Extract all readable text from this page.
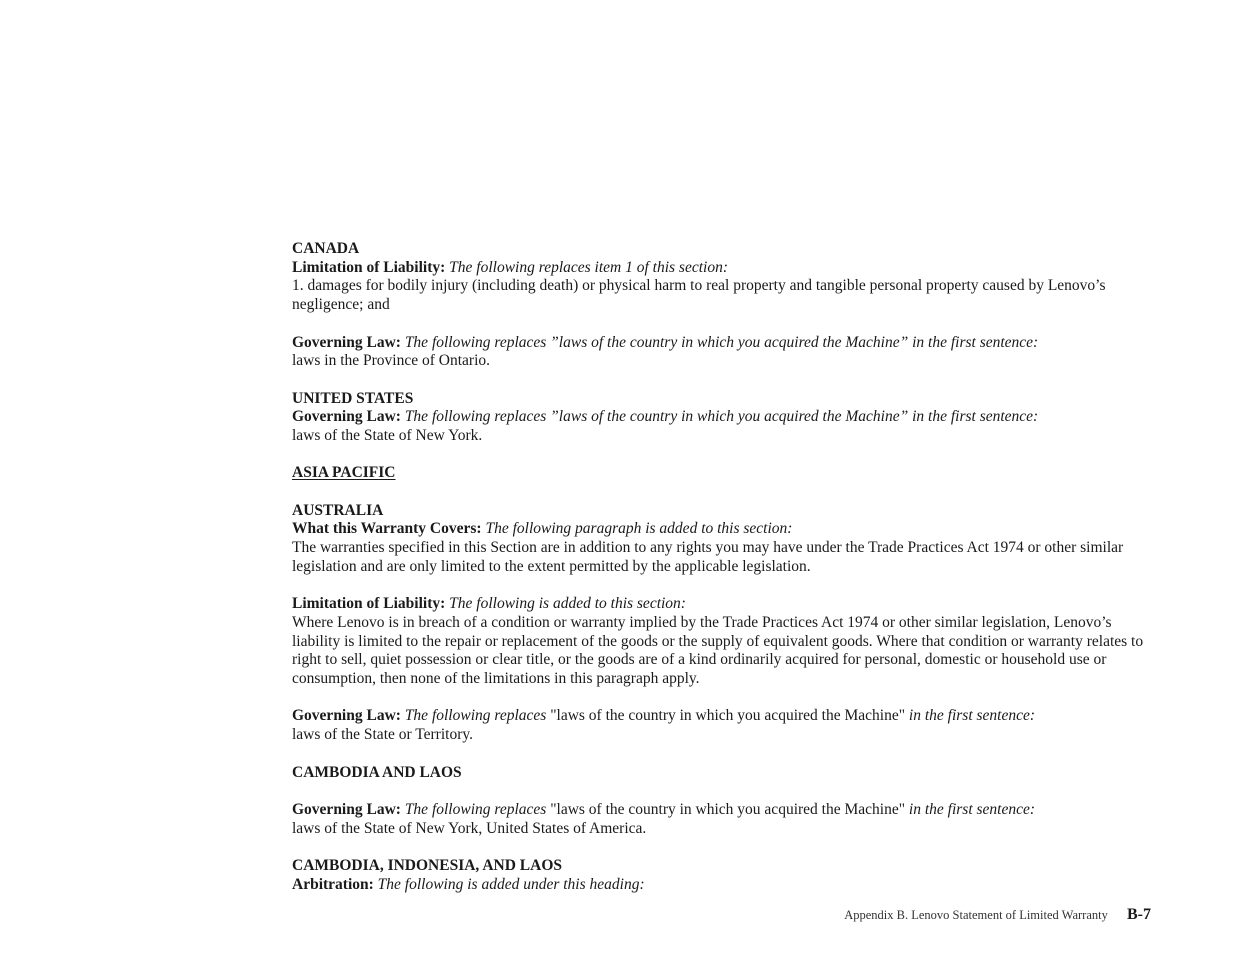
CANADA
Limitation of Liability: The following replaces item 1 of this section:
1. damages for bodily injury (including death) or physical harm to real property and tangible personal property caused by Lenovo’s negligence; and
Governing Law: The following replaces ”laws of the country in which you acquired the Machine” in the first sentence:
laws in the Province of Ontario.
UNITED STATES
Governing Law: The following replaces ”laws of the country in which you acquired the Machine” in the first sentence:
laws of the State of New York.
ASIA PACIFIC
AUSTRALIA
What this Warranty Covers: The following paragraph is added to this section:
The warranties specified in this Section are in addition to any rights you may have under the Trade Practices Act 1974 or other similar legislation and are only limited to the extent permitted by the applicable legislation.
Limitation of Liability: The following is added to this section:
Where Lenovo is in breach of a condition or warranty implied by the Trade Practices Act 1974 or other similar legislation, Lenovo’s liability is limited to the repair or replacement of the goods or the supply of equivalent goods. Where that condition or warranty relates to right to sell, quiet possession or clear title, or the goods are of a kind ordinarily acquired for personal, domestic or household use or consumption, then none of the limitations in this paragraph apply.
Governing Law: The following replaces "laws of the country in which you acquired the Machine" in the first sentence:
laws of the State or Territory.
CAMBODIA AND LAOS
Governing Law: The following replaces "laws of the country in which you acquired the Machine" in the first sentence:
laws of the State of New York, United States of America.
CAMBODIA, INDONESIA, AND LAOS
Arbitration: The following is added under this heading:
Appendix B. Lenovo Statement of Limited Warranty B-7
